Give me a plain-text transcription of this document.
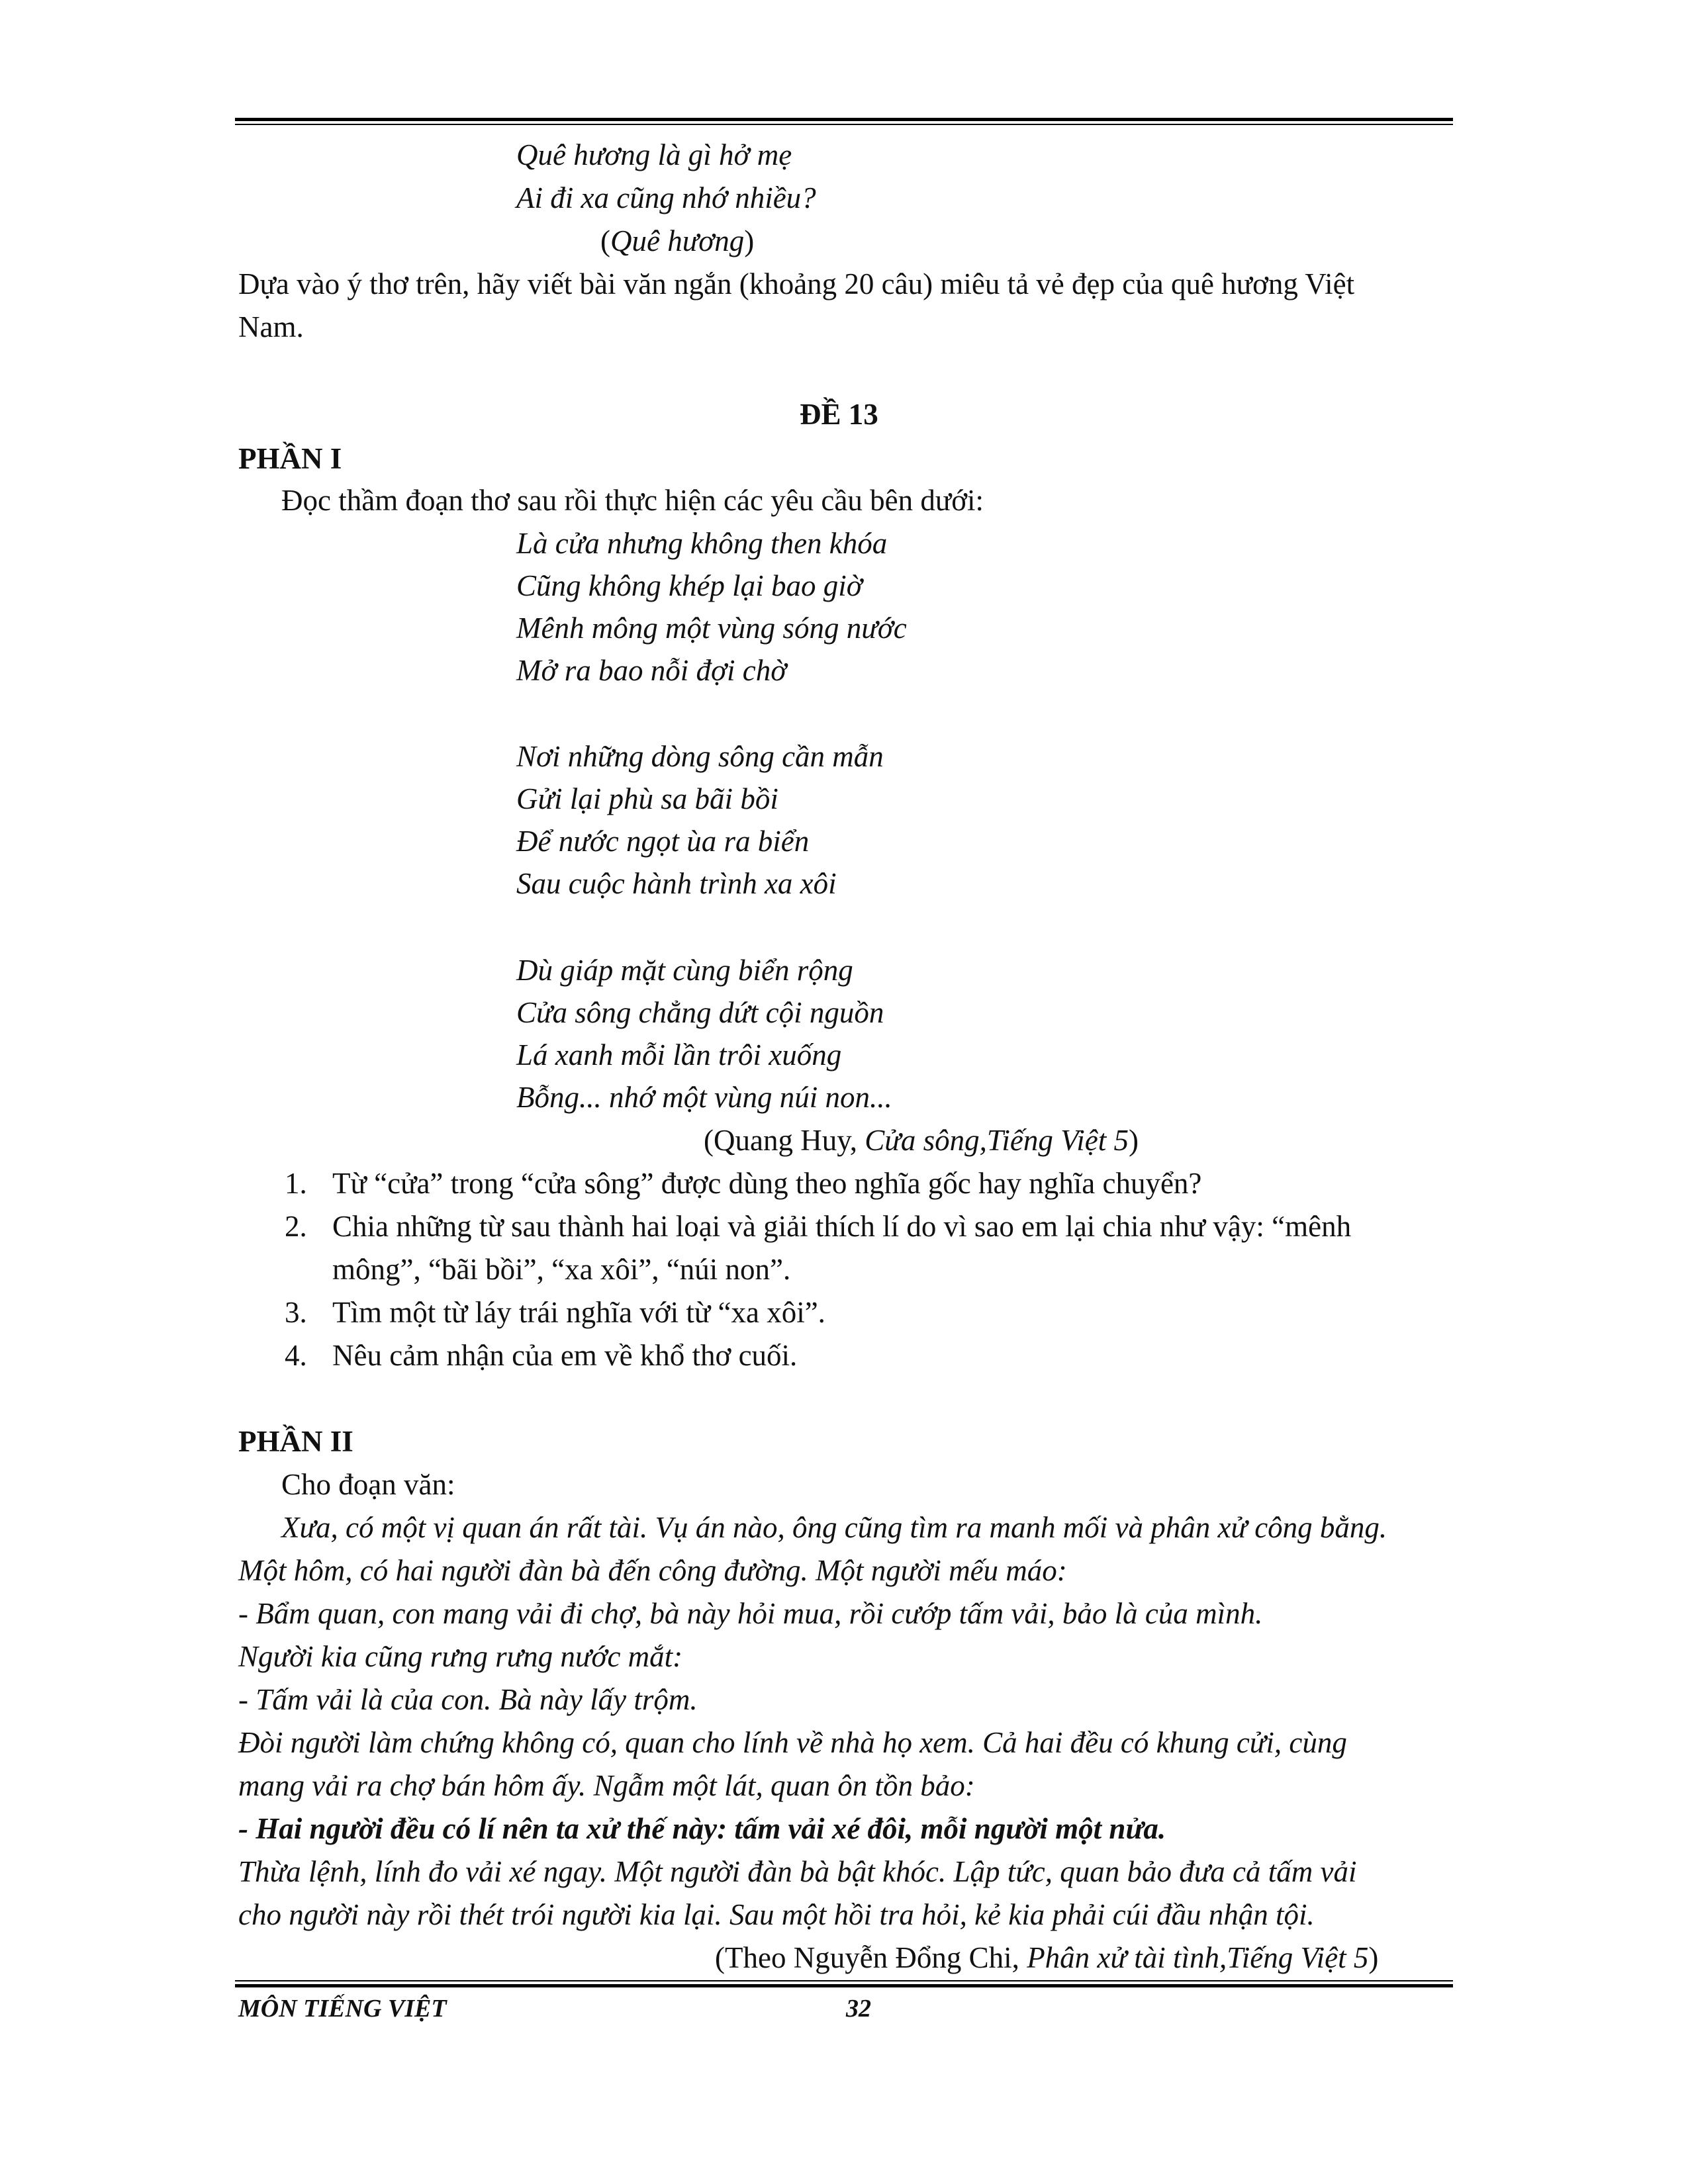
Quê hương là gì hở mẹ
Ai đi xa cũng nhớ nhiều?
(Quê hương)
Dựa vào ý thơ trên, hãy viết bài văn ngắn (khoảng 20 câu) miêu tả vẻ đẹp của quê hương Việt
Nam.
ĐỀ 13
PHẦN I
Đọc thầm đoạn thơ sau rồi thực hiện các yêu cầu bên dưới:
Là cửa nhưng không then khóa
Cũng không khép lại bao giờ
Mênh mông một vùng sóng nước
Mở ra bao nỗi đợi chờ
Nơi những dòng sông cần mẫn
Gửi lại phù sa bãi bồi
Để nước ngọt ùa ra biển
Sau cuộc hành trình xa xôi
Dù giáp mặt cùng biển rộng
Cửa sông chẳng dứt cội nguồn
Lá xanh mỗi lần trôi xuống
Bỗng... nhớ một vùng núi non...
(Quang Huy, Cửa sông,Tiếng Việt 5)
1. Từ “cửa” trong “cửa sông” được dùng theo nghĩa gốc hay nghĩa chuyển?
2. Chia những từ sau thành hai loại và giải thích lí do vì sao em lại chia như vậy: “mênh
mông”, “bãi bồi”, “xa xôi”, “núi non”.
3. Tìm một từ láy trái nghĩa với từ “xa xôi”.
4. Nêu cảm nhận của em về khổ thơ cuối.
PHẦN II
Cho đoạn văn:
Xưa, có một vị quan án rất tài. Vụ án nào, ông cũng tìm ra manh mối và phân xử công bằng.
Một hôm, có hai người đàn bà đến công đường. Một người mếu máo:
- Bẩm quan, con mang vải đi chợ, bà này hỏi mua, rồi cướp tấm vải, bảo là của mình.
Người kia cũng rưng rưng nước mắt:
- Tấm vải là của con. Bà này lấy trộm.
Đòi người làm chứng không có, quan cho lính về nhà họ xem. Cả hai đều có khung cửi, cùng
mang vải ra chợ bán hôm ấy. Ngẫm một lát, quan ôn tồn bảo:
- Hai người đều có lí nên ta xử thế này: tấm vải xé đôi, mỗi người một nửa.
Thừa lệnh, lính đo vải xé ngay. Một người đàn bà bật khóc. Lập tức, quan bảo đưa cả tấm vải
cho người này rồi thét trói người kia lại. Sau một hồi tra hỏi, kẻ kia phải cúi đầu nhận tội.
(Theo Nguyễn Đổng Chi, Phân xử tài tình,Tiếng Việt 5)
MÔN TIẾNG VIỆT	32
